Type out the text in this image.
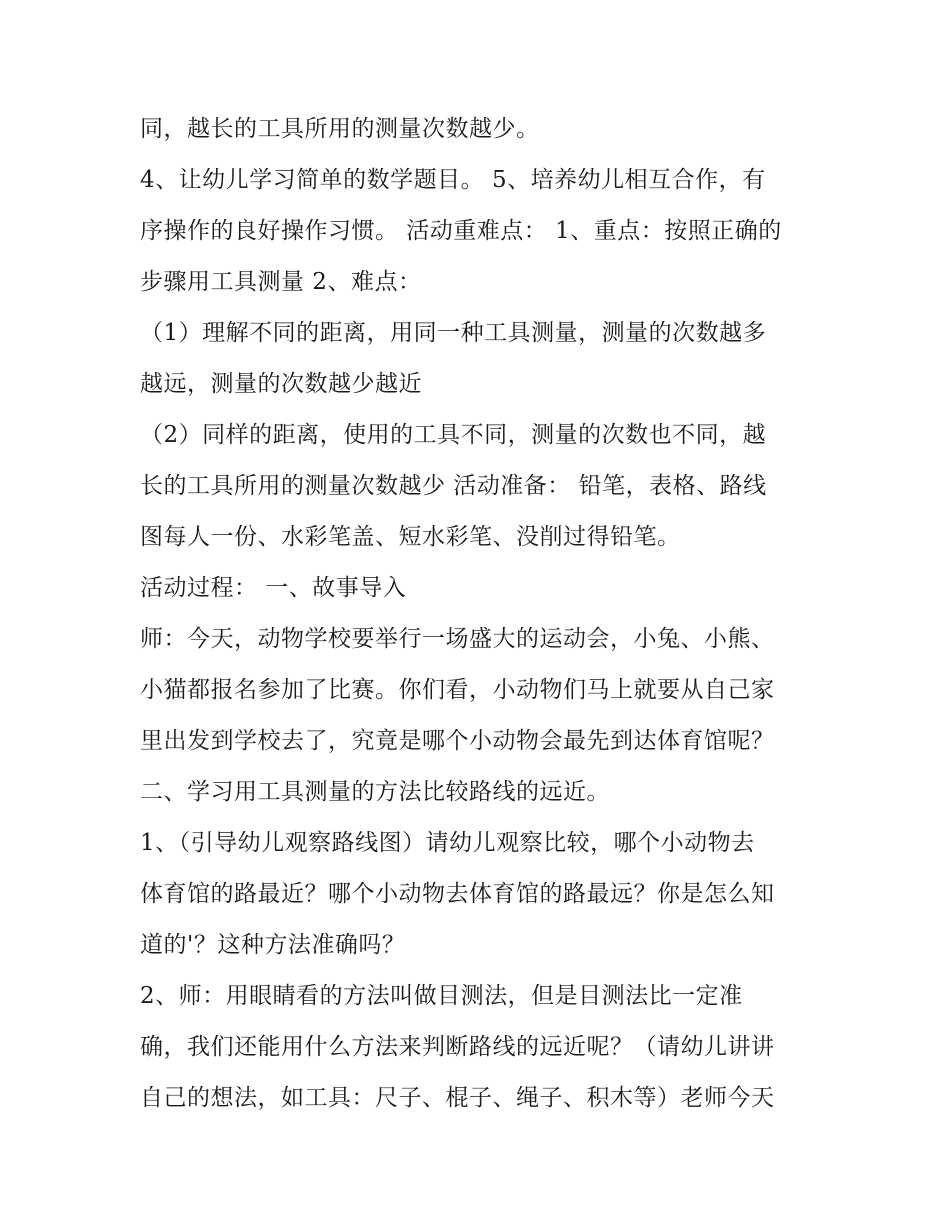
同，越长的工具所用的测量次数越少。
4、让幼儿学习简单的数学题目。 5、培养幼儿相互合作，有
序操作的良好操作习惯。 活动重难点： 1、重点：按照正确的
步骤用工具测量 2、难点：
（1）理解不同的距离，用同一种工具测量，测量的次数越多
越远，测量的次数越少越近
（2）同样的距离，使用的工具不同，测量的次数也不同，越
长的工具所用的测量次数越少 活动准备： 铅笔，表格、路线
图每人一份、水彩笔盖、短水彩笔、没削过得铅笔。
活动过程： 一、故事导入
师：今天，动物学校要举行一场盛大的运动会，小兔、小熊、
小猫都报名参加了比赛。你们看，小动物们马上就要从自己家
里出发到学校去了，究竟是哪个小动物会最先到达体育馆呢？
二、学习用工具测量的方法比较路线的远近。
1、（引导幼儿观察路线图）请幼儿观察比较，哪个小动物去
体育馆的路最近？哪个小动物去体育馆的路最远？你是怎么知
道的'？这种方法准确吗？
2、师：用眼睛看的方法叫做目测法，但是目测法比一定准
确，我们还能用什么方法来判断路线的远近呢？（请幼儿讲讲
自己的想法，如工具：尺子、棍子、绳子、积木等）老师今天
